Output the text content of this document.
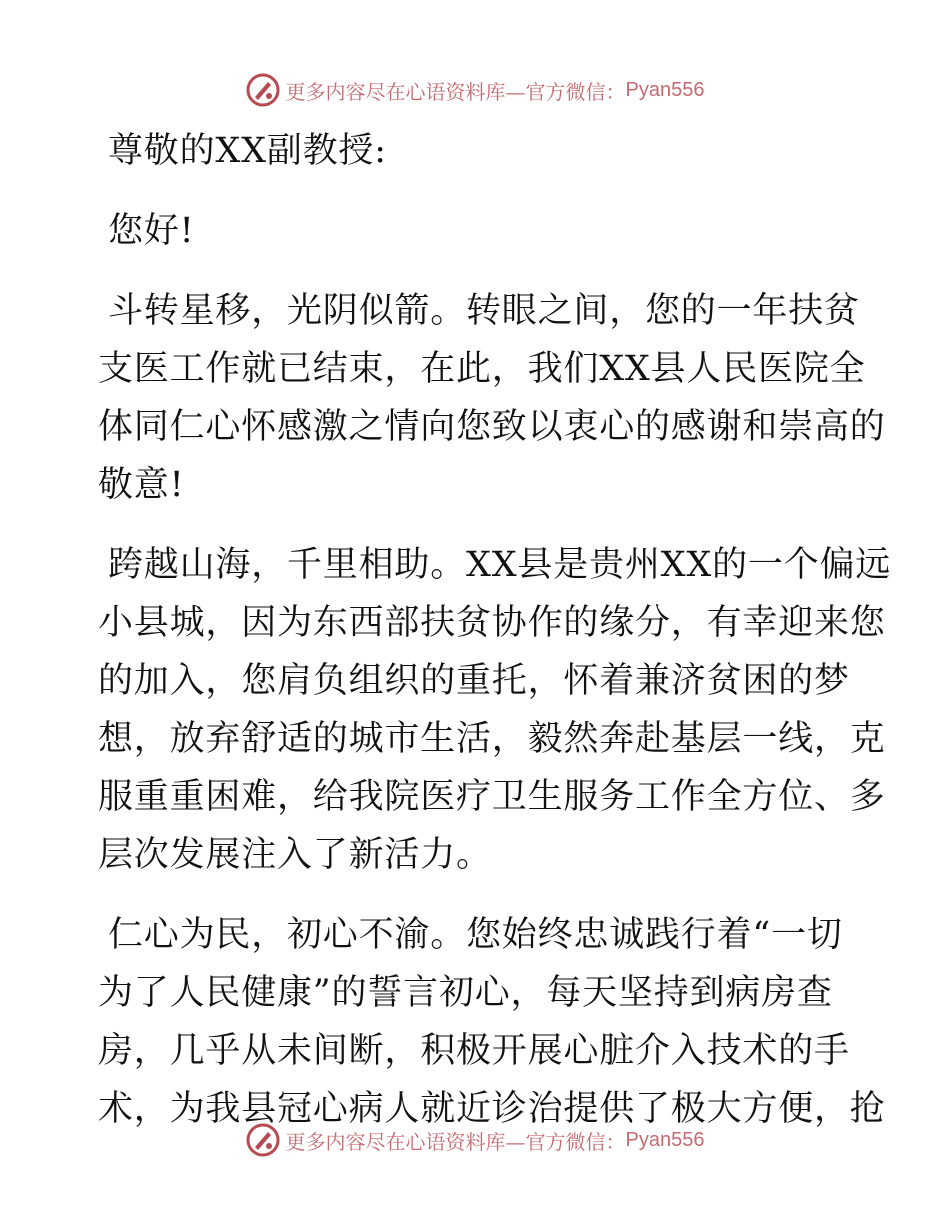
更多内容尽在心语资料库—官方微信： Pyan556
尊敬的XX副教授:
您好!
斗转星移，光阴似箭。转眼之间，您的一年扶贫
支医工作就已结束，在此，我们XX县人民医院全
体同仁心怀感激之情向您致以衷心的感谢和崇高的
敬意!
跨越山海，千里相助。XX县是贵州XX的一个偏远
小县城，因为东西部扶贫协作的缘分，有幸迎来您
的加入，您肩负组织的重托，怀着兼济贫困的梦
想，放弃舒适的城市生活，毅然奔赴基层一线，克
服重重困难，给我院医疗卫生服务工作全方位、多
层次发展注入了新活力。
仁心为民，初心不渝。您始终忠诚践行着“一切
为了人民健康”的誓言初心，每天坚持到病房查
房，几乎从未间断，积极开展心脏介入技术的手
术，为我县冠心病人就近诊治提供了极大方便，抢
更多内容尽在心语资料库—官方微信： Pyan556
